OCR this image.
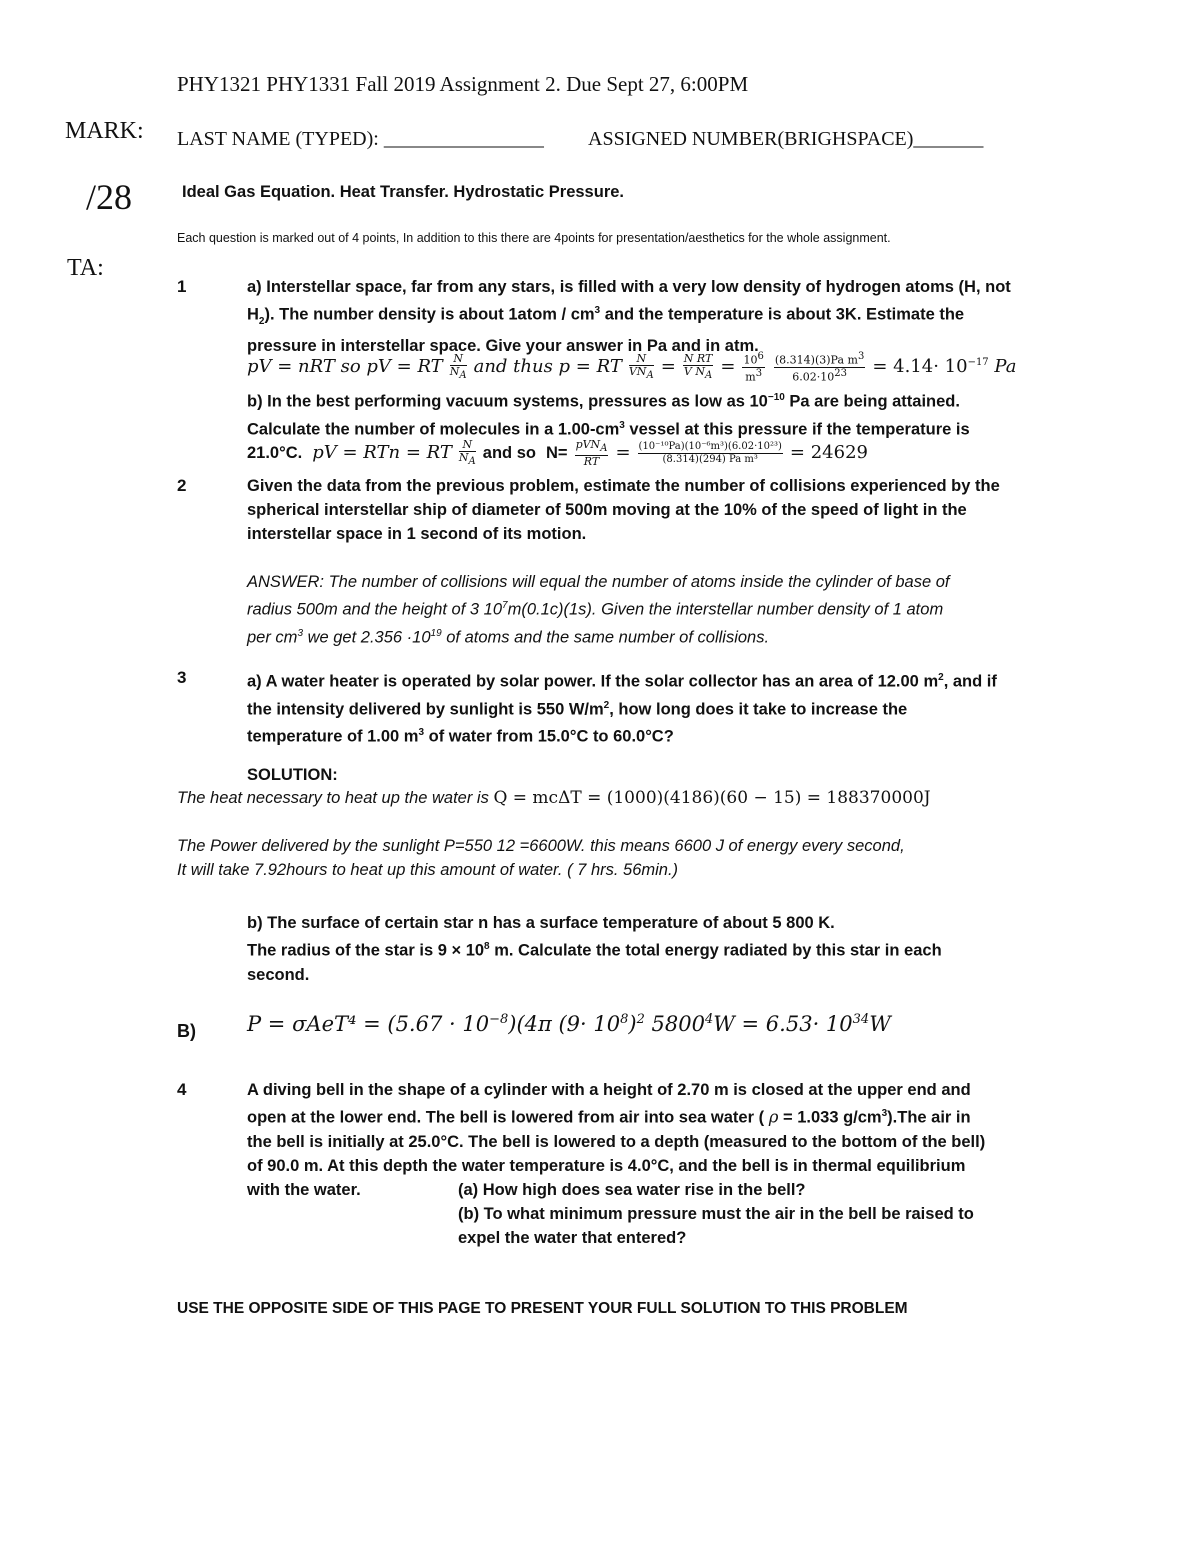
PHY1321 PHY1331 Fall 2019 Assignment 2. Due Sept 27, 6:00PM
MARK: LAST NAME (TYPED): ________________ ASSIGNED NUMBER(BRIGHSPACE)_______
/28	Ideal Gas Equation. Heat Transfer. Hydrostatic Pressure.
Each question is marked out of 4 points, In addition to this there are 4points for presentation/aesthetics for the whole assignment.
TA:
1	a) Interstellar space, far from any stars, is filled with a very low density of hydrogen atoms (H, not
$H_2$). The number density is about 1atom / $cm^3$ and the temperature is about 3K. Estimate the
pressure in interstellar space. Give your answer in Pa and in atm.
pV = nRT so pV = RT $\frac{N}{N_A}$ and thus p = RT $\frac{N}{VN_A} = \frac{\text{N RT}}{V N_A} = \frac{10^6}{m^3}$
$\frac{(8.314)(3)Pa m^3}{6.02\cdot 10^{23}} = 4.14\cdot 10^{-17}$ Pa
b) In the best performing vacuum systems, pressures as low as $10^{-10}$ Pa are being attained.
Calculate the number of molecules in a $1.00-cm^3$ vessel at this pressure if the temperature is
21.0°C. pV = RTn = RT $\frac{N}{N_A}$ and so $N= \frac{pVN_A}{RT} = \frac{\text{(10⁻¹⁰Pa)(10⁻⁶m³)(6.02·10²³)}}{\text{(8.314)(294) Pa m³}} = 24629$
2	Given the data from the previous problem, estimate the number of collisions experienced by the
spherical interstellar ship of diameter of 500m moving at the 10% of the speed of light in the
interstellar space in 1 second of its motion.
ANSWER: The number of collisions will equal the number of atoms inside the cylinder of base of
radius 500m and the height of 3 $10^7m(0.1c)(1s)$. Given the interstellar number density of 1 atom
per $cm^3$ we get $2.356 \cdot 10^{19}$ of atoms and the same number of collisions.
3	a) A water heater is operated by solar power. If the solar collector has an area of 12.00 $m^2$, and if
the intensity delivered by sunlight is 550 $W/m^2$, how long does it take to increase the
temperature of 1.00 $m^3$ of water from 15.0°C to 60.0°C?
SOLUTION:
The heat necessary to heat up the water is Q = mcΔT = (1000)(4186)(60 − 15) = 188370000J
The Power delivered by the sunlight P=550 12 =6600W. this means 6600 J of energy every second,
It will take 7.92hours to heat up this amount of water. ( 7 hrs. 56min.)
b) The surface of certain star n has a surface temperature of about 5 800 K.
The radius of the star is $9 \times 10^8$ m. Calculate the total energy radiated by this star in each
second.
B) $P = \sigma AeT^4 = (5.67 \cdot 10^{-8})(4\pi$ $(9\cdot 10^8)^2$ $5800^4W = 6.53\cdot 10^{34}W$
4	A diving bell in the shape of a cylinder with a height of 2.70 m is closed at the upper end and
open at the lower end. The bell is lowered from air into sea water ( ρ = 1.033 $g/cm^3).The$ air in
the bell is initially at 25.0°C. The bell is lowered to a depth (measured to the bottom of the bell)
of 90.0 m. At this depth the water temperature is 4.0°C, and the bell is in thermal equilibrium
with the water.	(a) How high does sea water rise in the bell?
(b) To what minimum pressure must the air in the bell be raised to
expel the water that entered?
USE THE OPPOSITE SIDE OF THIS PAGE TO PRESENT YOUR FULL SOLUTION TO THIS PROBLEM
